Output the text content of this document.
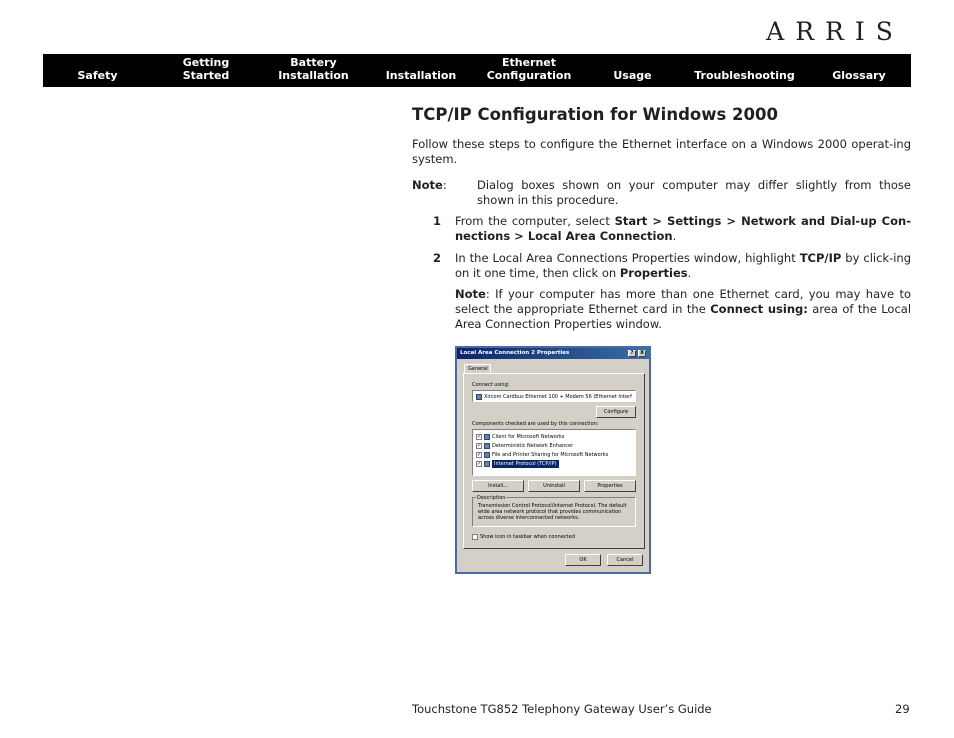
ARRIS
Safety
Getting
Started
Battery
Installation	Installation
Ethernet
Configuration	Usage	Troubleshooting	Glossary
TCP/IP Configuration for Windows 2000
Follow these steps to configure the Ethernet interface on a Windows 2000 operat-ing system.
Note:	Dialog boxes shown on your computer may differ slightly from those shown in this procedure.
1 From the computer, select Start > Settings > Network and Dial-up Con-nections > Local Area Connection.
2 In the Local Area Connections Properties window, highlight TCP/IP by click-ing on it one time, then click on Properties.
Note: If your computer has more than one Ethernet card, you may have to select the appropriate Ethernet card in the Connect using: area of the Local Area Connection Properties window.
Local Area Connection 2 Properties	?	X
General
Connect using:
Xircom Cardbus Ethernet 100 + Modem 56 (Ethernet Interf
Configure
Components checked are used by this connection:
✓ Client for Microsoft Networks
✓ Deterministic Network Enhancer
✓ File and Printer Sharing for Microsoft Networks
✓	Internet Protocol (TCP/IP)
Install...	Uninstall	Properties
Description
Transmission Control Protocol/Internet Protocol. The default wide area network protocol that provides communication across diverse interconnected networks.
Show icon in taskbar when connected
OK	Cancel
Touchstone TG852 Telephony Gateway User’s Guide	29
